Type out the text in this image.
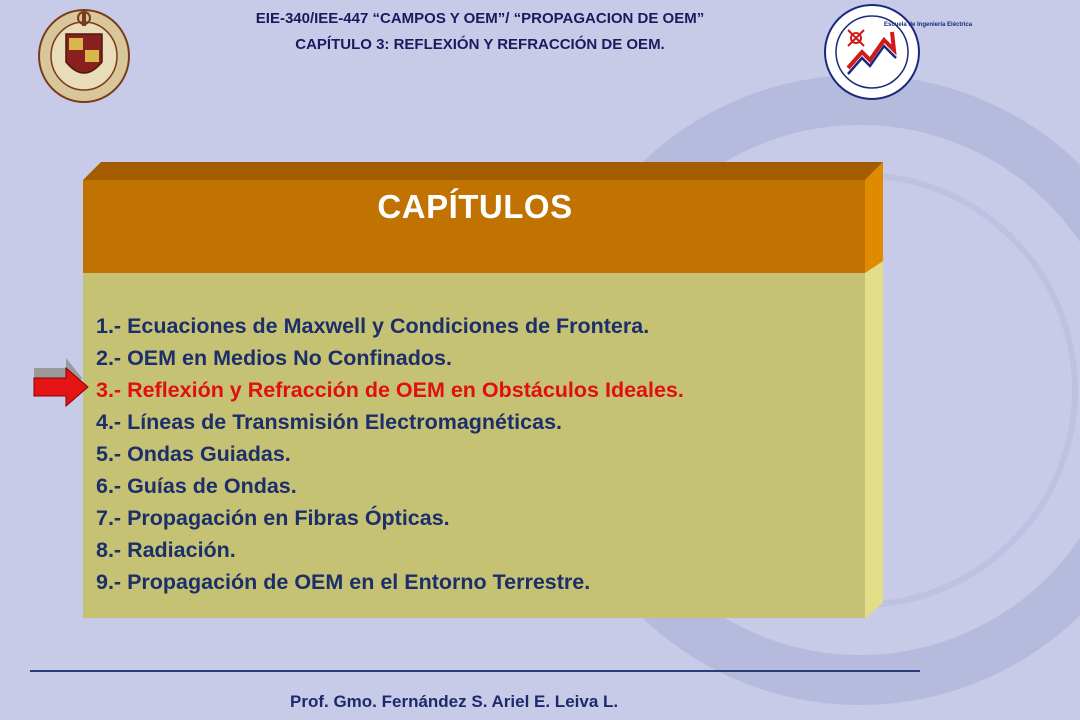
Escuela de Ingeniería Eléctrica
EIE-340/IEE-447 “CAMPOS Y OEM”/ “PROPAGACION DE OEM”
CAPÍTULO 3: REFLEXIÓN Y REFRACCIÓN DE OEM.
CAPÍTULOS
1.- Ecuaciones de Maxwell y Condiciones de Frontera.
2.- OEM en Medios No Confinados.
3.- Reflexión y Refracción de OEM en Obstáculos Ideales.
4.- Líneas de Transmisión Electromagnéticas.
5.- Ondas Guiadas.
6.- Guías de Ondas.
7.- Propagación en Fibras Ópticas.
8.- Radiación.
9.- Propagación de OEM en el Entorno Terrestre.
Prof. Gmo. Fernández S. Ariel E. Leiva L.
